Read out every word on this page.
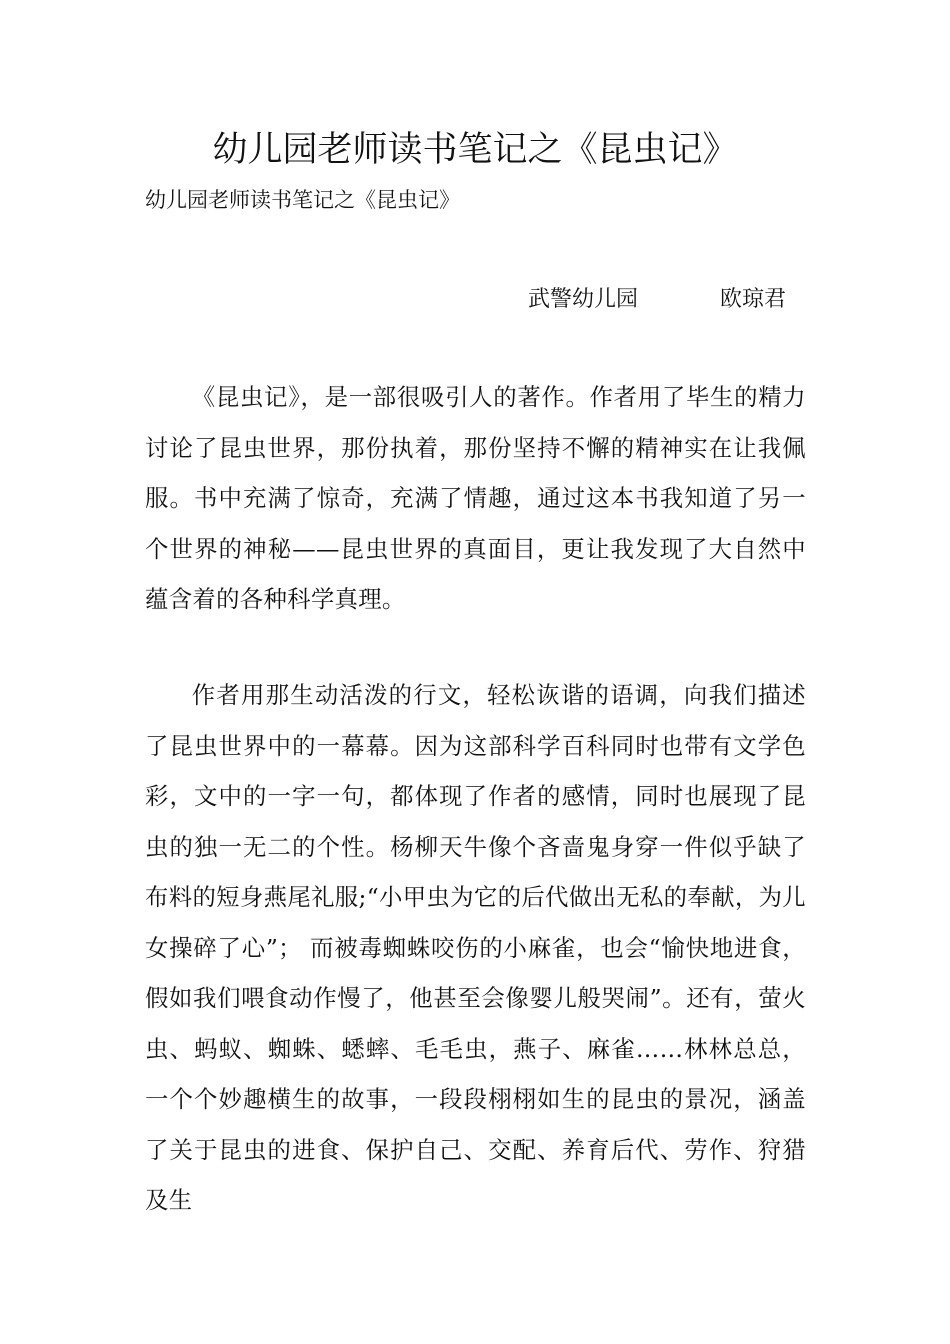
幼儿园老师读书笔记之《昆虫记》

幼儿园老师读书笔记之《昆虫记》

武警幼儿园	欧琼君

《昆虫记》，是一部很吸引人的著作。作者用了毕生的精力讨论了昆虫世界，那份执着，那份坚持不懈的精神实在让我佩服。书中充满了惊奇，充满了情趣，通过这本书我知道了另一个世界的神秘——昆虫世界的真面目，更让我发现了大自然中蕴含着的各种科学真理。

作者用那生动活泼的行文，轻松诙谐的语调，向我们描述了昆虫世界中的一幕幕。因为这部科学百科同时也带有文学色彩，文中的一字一句，都体现了作者的感情，同时也展现了昆虫的独一无二的个性。杨柳天牛像个吝啬鬼身穿一件似乎缺了布料的短身燕尾礼服;“小甲虫为它的后代做出无私的奉献，为儿女操碎了心”； 而被毒蜘蛛咬伤的小麻雀，也会“愉快地进食，假如我们喂食动作慢了，他甚至会像婴儿般哭闹”。还有，萤火虫、蚂蚁、蜘蛛、蟋蟀、毛毛虫，燕子、麻雀……林林总总，一个个妙趣横生的故事，一段段栩栩如生的昆虫的景况，涵盖了关于昆虫的进食、保护自己、交配、养育后代、劳作、狩猎及生
